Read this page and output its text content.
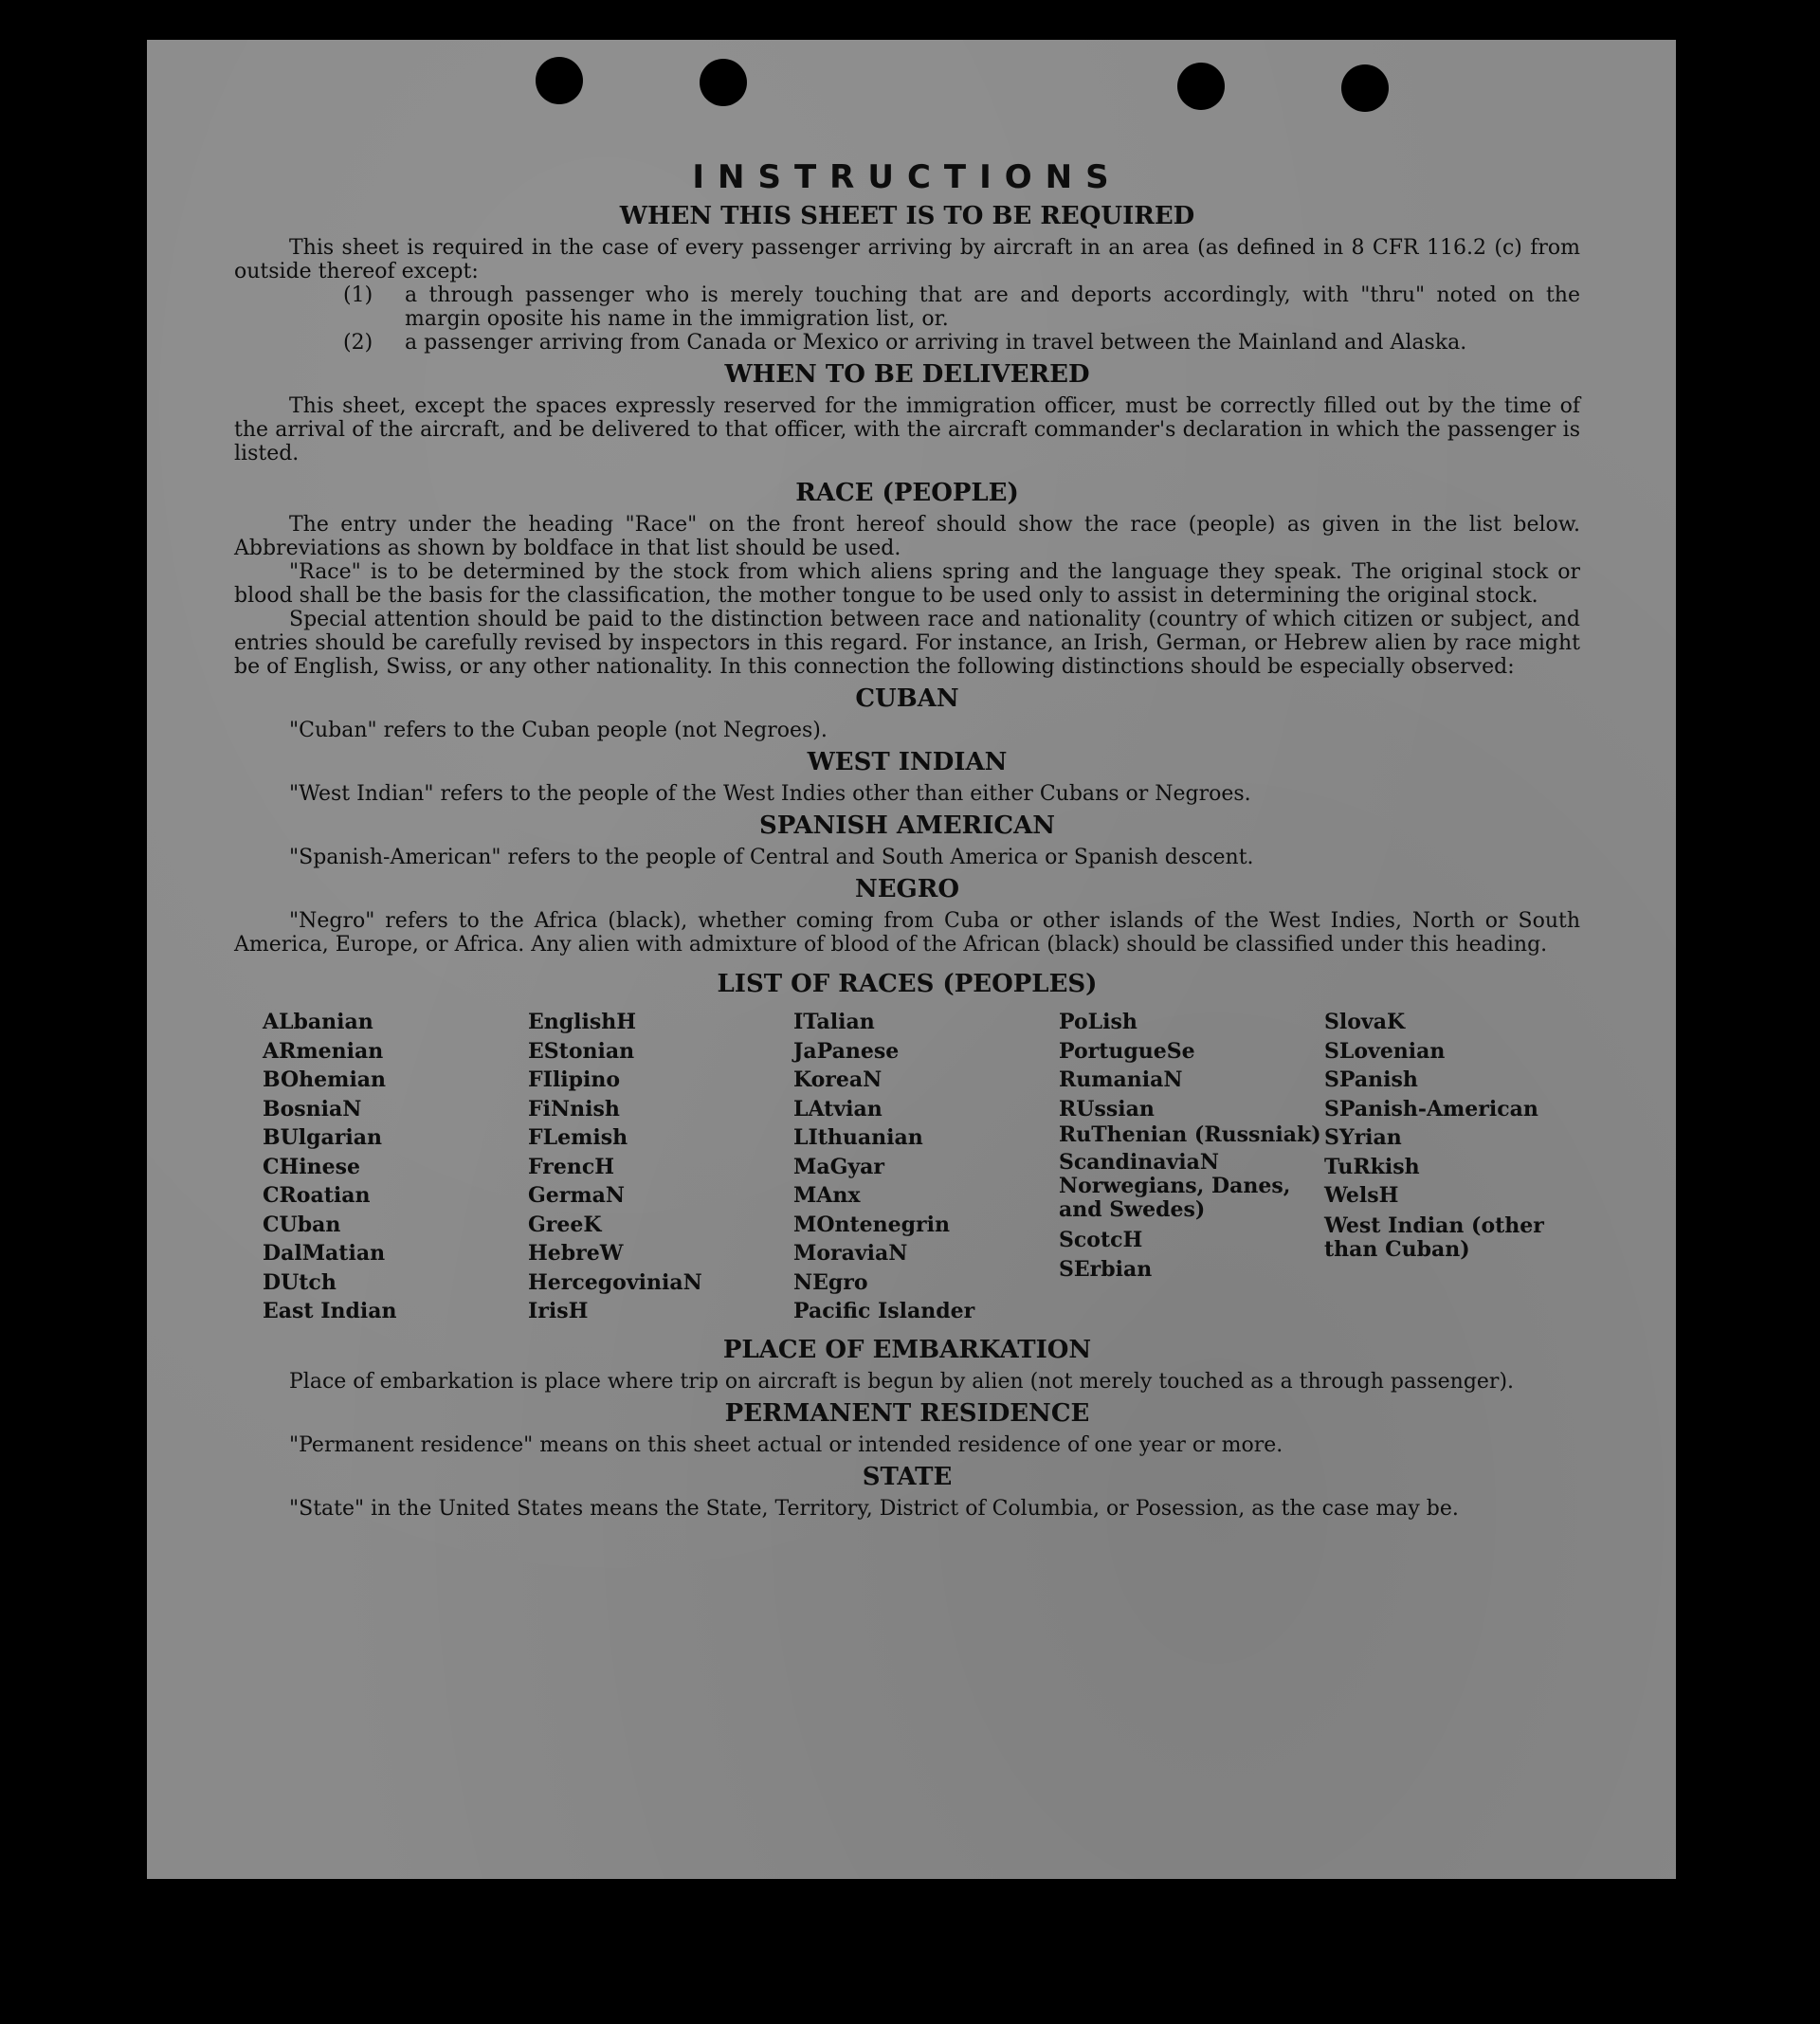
INSTRUCTIONS
WHEN THIS SHEET IS TO BE REQUIRED

This sheet is required in the case of every passenger arriving by aircraft in an area (as defined in 8 CFR 116.2 (c) from outside thereof except:

(1)	a through passenger who is merely touching that are and deports accordingly, with "thru" noted on the margin oposite his name in the immigration list, or.
(2)	a passenger arriving from Canada or Mexico or arriving in travel between the Mainland and Alaska.
WHEN TO BE DELIVERED

This sheet, except the spaces expressly reserved for the immigration officer, must be correctly filled out by the time of the arrival of the aircraft, and be delivered to that officer, with the aircraft commander's declaration in which the passenger is listed.

RACE (PEOPLE)

The entry under the heading "Race" on the front hereof should show the race (people) as given in the list below. Abbreviations as shown by boldface in that list should be used.

"Race" is to be determined by the stock from which aliens spring and the language they speak. The original stock or blood shall be the basis for the classification, the mother tongue to be used only to assist in determining the original stock.

Special attention should be paid to the distinction between race and nationality (country of which citizen or subject, and entries should be carefully revised by inspectors in this regard. For instance, an Irish, German, or Hebrew alien by race might be of English, Swiss, or any other nationality. In this connection the following distinctions should be especially observed:

CUBAN

"Cuban" refers to the Cuban people (not Negroes).

WEST INDIAN

"West Indian" refers to the people of the West Indies other than either Cubans or Negroes.

SPANISH AMERICAN

"Spanish-American" refers to the people of Central and South America or Spanish descent.

NEGRO

"Negro" refers to the Africa (black), whether coming from Cuba or other islands of the West Indies, North or South America, Europe, or Africa. Any alien with admixture of blood of the African (black) should be classified under this heading.

LIST OF RACES (PEOPLES)
ALbanian
ARmenian
BOhemian
BosniaN
BUlgarian
CHinese
CRoatian
CUban
DalMatian
DUtch
East Indian
EnglishH
EStonian
FIlipino
FiNnish
FLemish
FrencH
GermaN
GreeK
HebreW
HercegoviniaN
IrisH
ITalian
JaPanese
KoreaN
LAtvian
LIthuanian
MaGyar
MAnx
MOntenegrin
MoraviaN
NEgro
Pacific Islander
PoLish
PortugueSe
RumaniaN
RUssian
RuThenian (Russniak)
ScandinaviaN Norwegians, Danes, and Swedes)
ScotcH
SErbian
SlovaK
SLovenian
SPanish
SPanish-American
SYrian
TuRkish
WelsH
West Indian (other than Cuban)
PLACE OF EMBARKATION

Place of embarkation is place where trip on aircraft is begun by alien (not merely touched as a through passenger).

PERMANENT RESIDENCE

"Permanent residence" means on this sheet actual or intended residence of one year or more.

STATE

"State" in the United States means the State, Territory, District of Columbia, or Posession, as the case may be.
